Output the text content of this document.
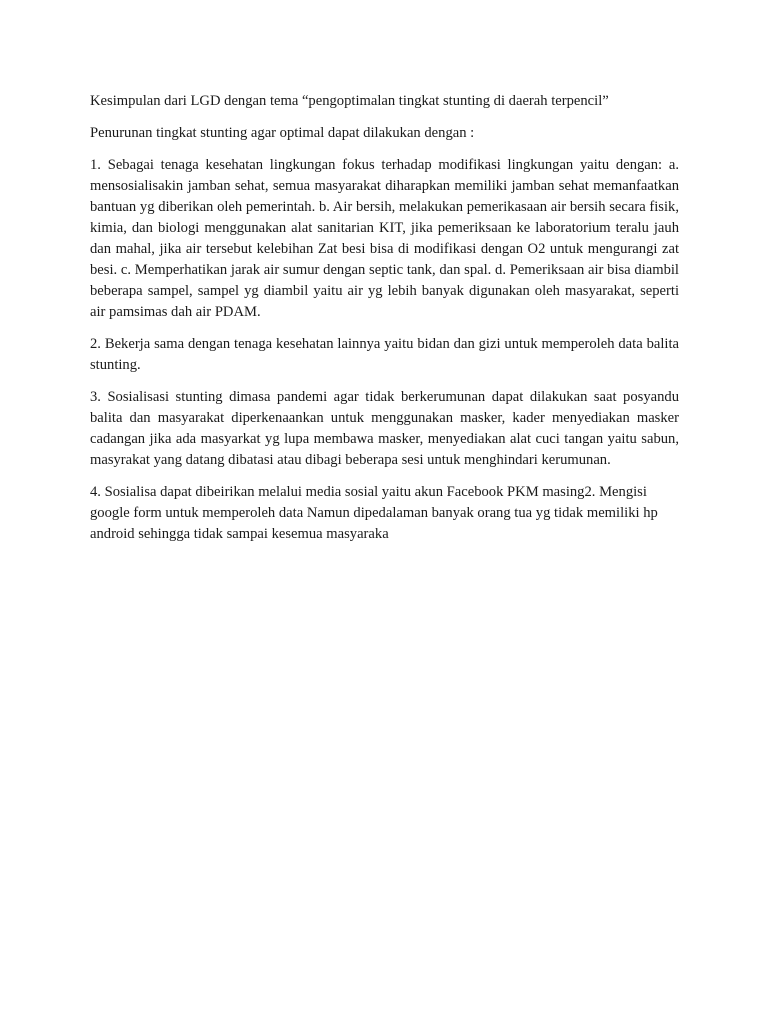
Kesimpulan dari LGD dengan tema “pengoptimalan tingkat stunting di daerah terpencil”

Penurunan tingkat stunting agar optimal dapat dilakukan dengan :

1. Sebagai tenaga kesehatan lingkungan fokus terhadap modifikasi lingkungan yaitu dengan: a. mensosialisakin jamban sehat, semua masyarakat diharapkan memiliki jamban sehat memanfaatkan bantuan yg diberikan oleh pemerintah. b. Air bersih, melakukan pemerikasaan air bersih secara fisik, kimia, dan biologi menggunakan alat sanitarian KIT, jika pemeriksaan ke laboratorium teralu jauh dan mahal, jika air tersebut kelebihan Zat besi bisa di modifikasi dengan O2 untuk mengurangi zat besi. c. Memperhatikan jarak air sumur dengan septic tank, dan spal. d. Pemeriksaan air bisa diambil beberapa sampel, sampel yg diambil yaitu air yg lebih banyak digunakan oleh masyarakat, seperti air pamsimas dah air PDAM.

2. Bekerja sama dengan tenaga kesehatan lainnya yaitu bidan dan gizi untuk memperoleh data balita stunting.

3. Sosialisasi stunting dimasa pandemi agar tidak berkerumunan dapat dilakukan saat posyandu balita dan masyarakat diperkenaankan untuk menggunakan masker, kader menyediakan masker cadangan jika ada masyarkat yg lupa membawa masker, menyediakan alat cuci tangan yaitu sabun, masyrakat yang datang dibatasi atau dibagi beberapa sesi untuk menghindari kerumunan.

4. Sosialisa dapat dibeirikan melalui media sosial yaitu akun Facebook PKM masing2. Mengisi google form untuk memperoleh data Namun dipedalaman banyak orang tua yg tidak memiliki hp android sehingga tidak sampai kesemua masyaraka
